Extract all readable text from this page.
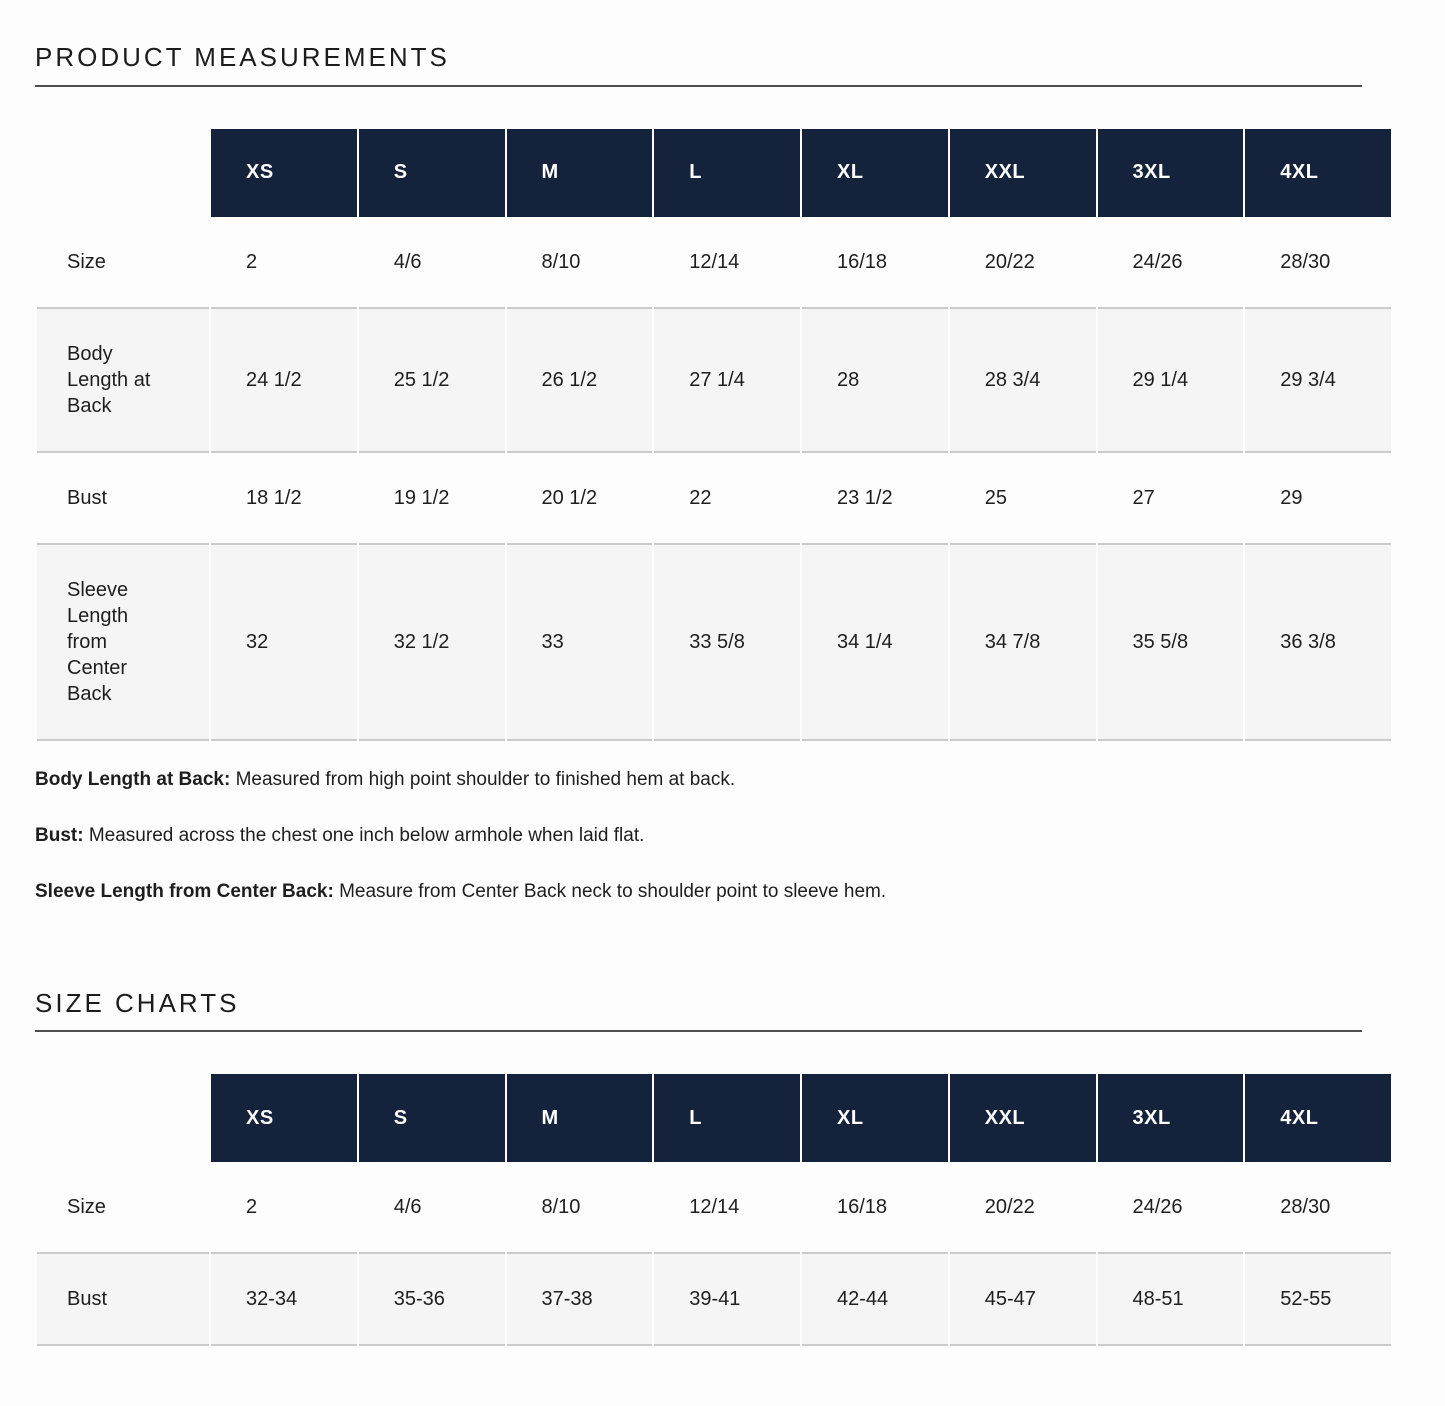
PRODUCT MEASUREMENTS
	XS	S	M	L	XL	XXL	3XL	4XL
Size	2	4/6	8/10	12/14	16/18	20/22	24/26	28/30
Body Length at Back	24 1/2	25 1/2	26 1/2	27 1/4	28	28 3/4	29 1/4	29 3/4
Bust	18 1/2	19 1/2	20 1/2	22	23 1/2	25	27	29
Sleeve Length from Center Back	32	32 1/2	33	33 5/8	34 1/4	34 7/8	35 5/8	36 3/8

Body Length at Back: Measured from high point shoulder to finished hem at back.

Bust: Measured across the chest one inch below armhole when laid flat.

Sleeve Length from Center Back: Measure from Center Back neck to shoulder point to sleeve hem.

SIZE CHARTS
	XS	S	M	L	XL	XXL	3XL	4XL
Size	2	4/6	8/10	12/14	16/18	20/22	24/26	28/30
Bust	32-34	35-36	37-38	39-41	42-44	45-47	48-51	52-55
